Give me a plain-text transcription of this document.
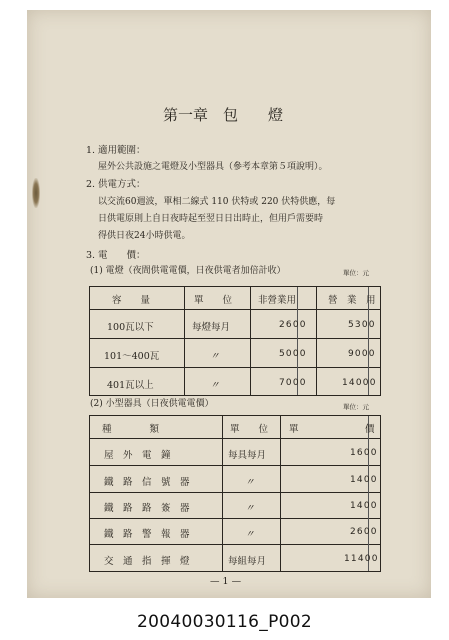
第一章　包　　燈
1. 適用範圍：
屋外公共設施之電燈及小型器具（參考本章第５項說明）。
2. 供電方式：
以交流60週波，單相二線式 110 伏特或 220 伏特供應，每
日供電原則上自日夜時起至翌日日出時止，但用戶需要時
得供日夜24小時供電。
3. 電　　價：
(1) 電燈（夜間供電電價，日夜供電者加倍計收）	單位：元
容　　量	單　　位	非營業用	營　業　用
100瓦以下	每燈每月	2600	5300
101～400瓦	〃	5000	9000
401瓦以上	〃	7000	14000
(2) 小型器具（日夜供電電價）	單位：元
種　　　　類	單　　位 單	價
屋　外　電　鐘	每具每月	1600
鐵　路　信　號　器	〃	1400
鐵　路　路　簽　器	〃	1400
鐵　路　警　報　器	〃	2600
交　通　指　揮　燈	每組每月	11400
— 1 —
20040030116_P002
